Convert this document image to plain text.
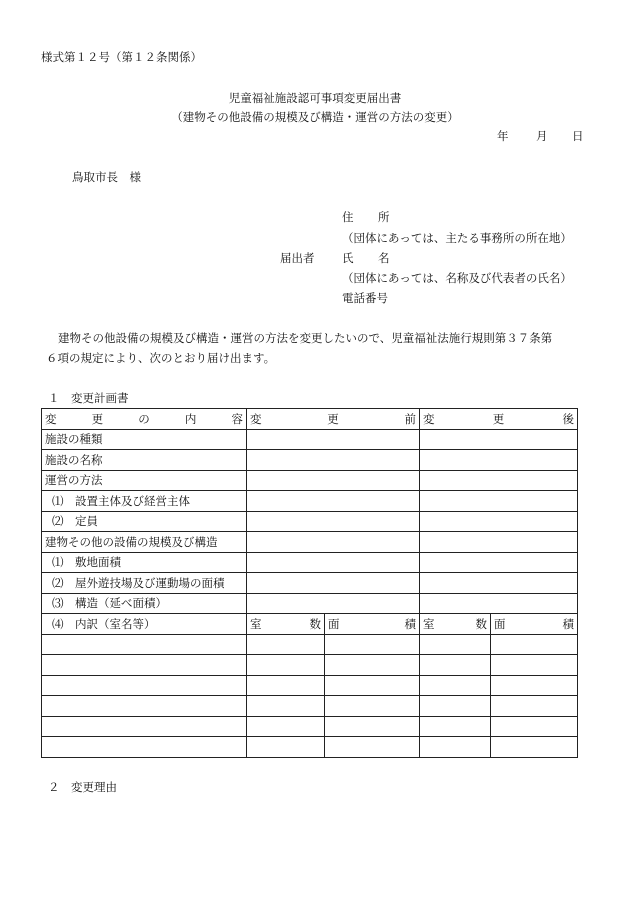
様式第１２号（第１２条関係）
児童福祉施設認可事項変更届出書
（建物その他設備の規模及び構造・運営の方法の変更）
年 月 日
鳥取市長　様
住 所
（団体にあっては、主たる事務所の所在地）
届出者 氏 名
（団体にあっては、名称及び代表者の氏名）
電話番号
建物その他設備の規模及び構造・運営の方法を変更したいので、児童福祉法施行規則第３７条第
６項の規定により、次のとおり届け出ます。
１　変更計画書
変 更 の 内 容	変 更 前		変 更 後	

施設の種類				
施設の名称				
運営の方法				
⑴　設置主体及び経営主体				
⑵　定員				
建物その他の設備の規模及び構造				
⑴　敷地面積				
⑵　屋外遊技場及び運動場の面積				
⑶　構造（延べ面積）				
⑷　内訳（室名等）	室 数	面 積	室 数	面 積

２　変更理由
